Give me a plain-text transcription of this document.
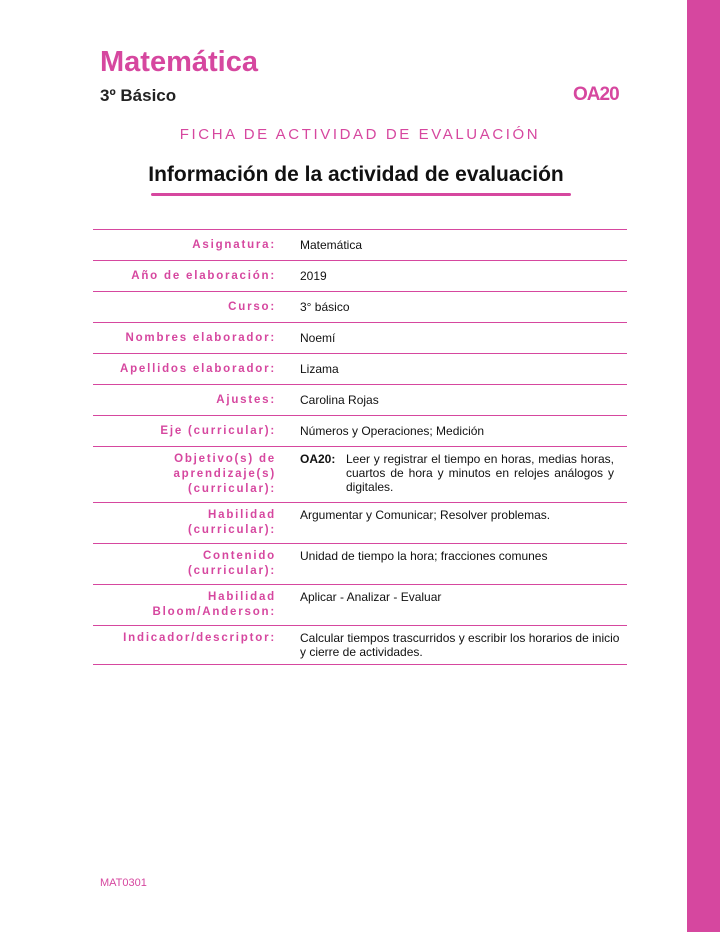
Matemática
3º Básico	OA20
FICHA DE ACTIVIDAD DE EVALUACIÓN
Información de la actividad de evaluación
Asignatura:	Matemática
Año de elaboración:	2019
Curso:	3° básico
Nombres elaborador:	Noemí
Apellidos elaborador:	Lizama
Ajustes:	Carolina Rojas
Eje (curricular):	Números y Operaciones; Medición

Objetivo(s) de
aprendizaje(s)
(curricular):	OA20: Leer y registrar el tiempo en horas, medias horas, cuartos de hora y minutos en relojes análogos y digitales.

Habilidad
(curricular):	Argumentar y Comunicar; Resolver problemas.

Contenido
(curricular):	Unidad de tiempo la hora; fracciones comunes

Habilidad
Bloom/Anderson:	Aplicar - Analizar - Evaluar
Indicador/descriptor:	Calcular tiempos trascurridos y escribir los horarios de inicio y cierre de actividades.
MAT0301
